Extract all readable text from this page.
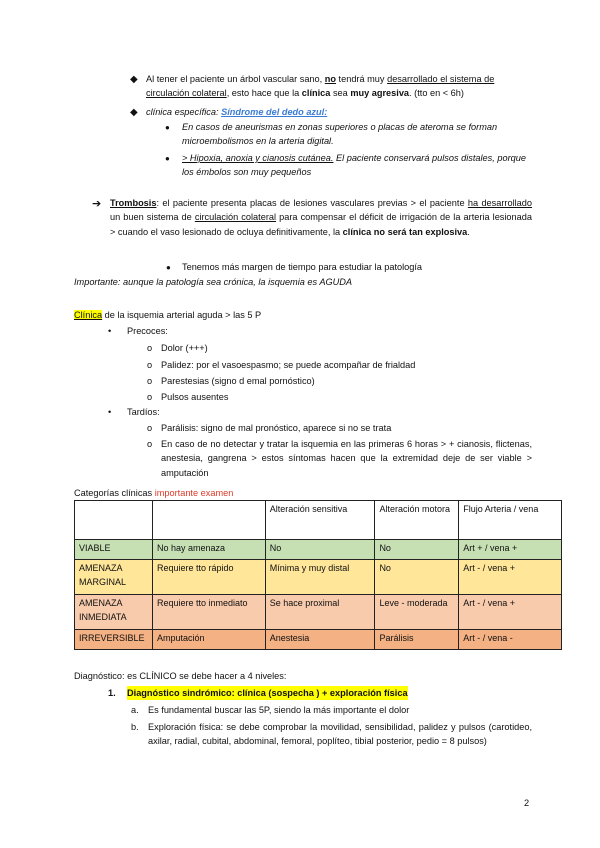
◆ Al tener el paciente un árbol vascular sano, no tendrá muy desarrollado el sistema de circulación colateral, esto hace que la clínica sea muy agresiva. (tto en < 6h)
◆ clínica específica: Síndrome del dedo azul:
● En casos de aneurismas en zonas superiores o placas de ateroma se forman microembolismos en la arteria digital.
● > Hipoxia, anoxia y cianosis cutánea. El paciente conservará pulsos distales, porque los émbolos son muy pequeños
➔ Trombosis: el paciente presenta placas de lesiones vasculares previas > el paciente ha desarrollado un buen sistema de circulación colateral para compensar el déficit de irrigación de la arteria lesionada > cuando el vaso lesionado de ocluya definitivamente, la clínica no será tan explosiva.
● Tenemos más margen de tiempo para estudiar la patología
Importante: aunque la patología sea crónica, la isquemia es AGUDA
Clínica de la isquemia arterial aguda > las 5 P
• Precoces:
o Dolor (+++)
o Palidez: por el vasoespasmo; se puede acompañar de frialdad
o Parestesias (signo d emal pornóstico)
o Pulsos ausentes
• Tardíos:
o Parálisis: signo de mal pronóstico, aparece si no se trata
o En caso de no detectar y tratar la isquemia en las primeras 6 horas > + cianosis, flictenas, anestesia, gangrena > estos síntomas hacen que la extremidad deje de ser viable > amputación
Categorías clínicas importante examen
		Alteración sensitiva	Alteración motora	Flujo Arteria / vena
VIABLE	No hay amenaza	No	No	Art + / vena +
AMENAZA MARGINAL	Requiere tto rápido	Mínima y muy distal	No	Art - / vena +
AMENAZA INMEDIATA	Requiere tto inmediato	Se hace proximal	Leve - moderada	Art - / vena +
IRREVERSIBLE	Amputación	Anestesia	Parálisis	Art - / vena -
Diagnóstico: es CLÍNICO se debe hacer a 4 niveles:
1. Diagnóstico sindrómico: clínica (sospecha ) + exploración física
a. Es fundamental buscar las 5P, siendo la más importante el dolor
b. Exploración física: se debe comprobar la movilidad, sensibilidad, palidez y pulsos (carotideo, axilar, radial, cubital, abdominal, femoral, poplíteo, tibial posterior, pedio = 8 pulsos)
2
